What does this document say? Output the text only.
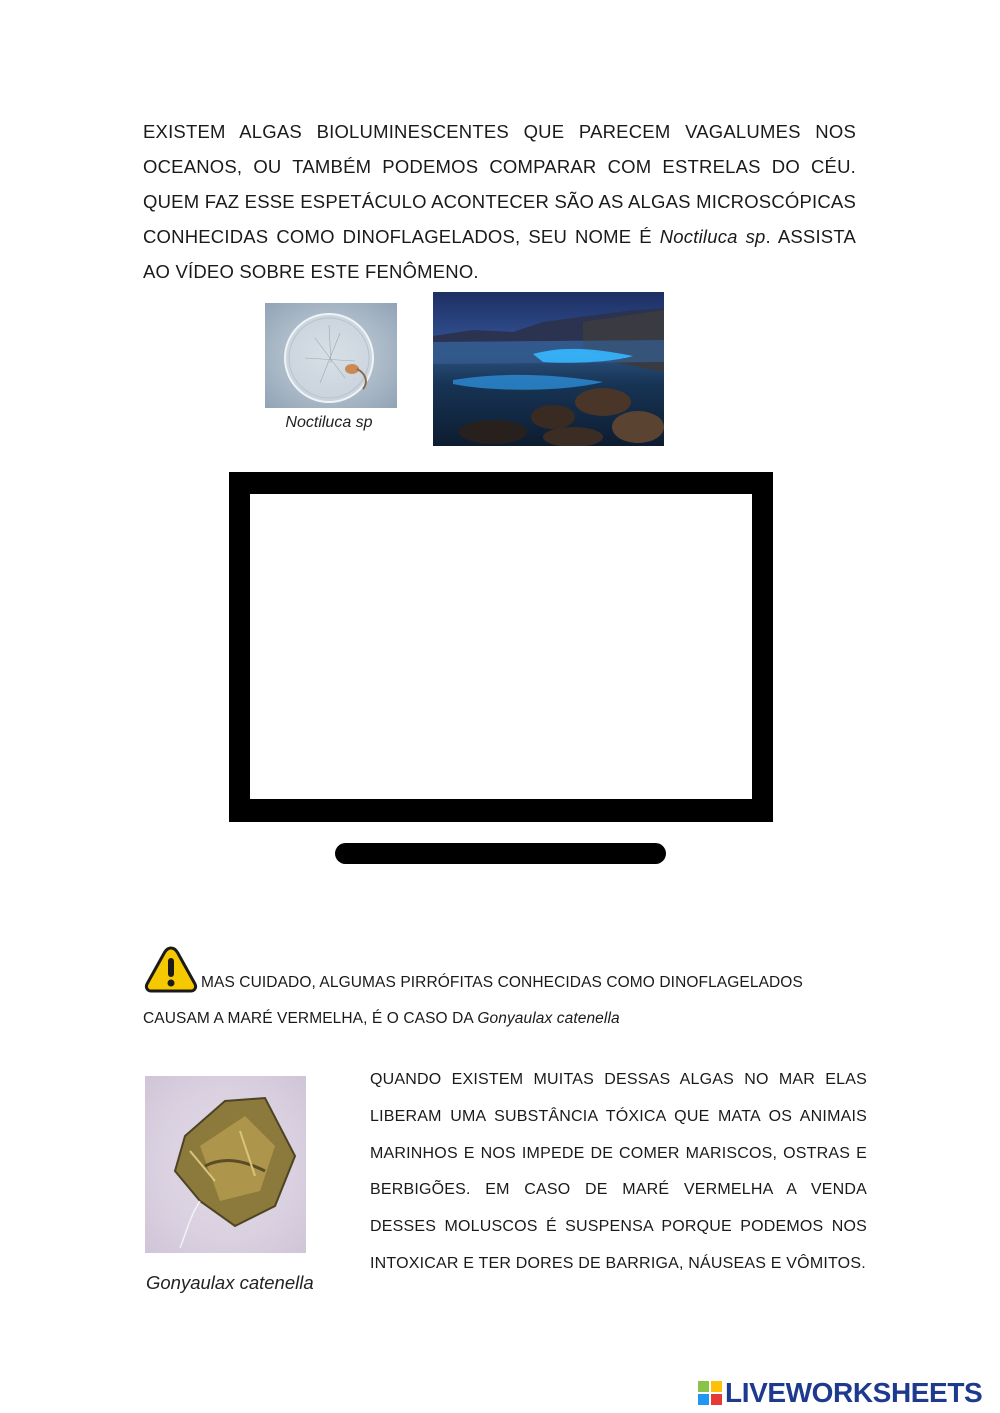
EXISTEM ALGAS BIOLUMINESCENTES QUE PARECEM VAGALUMES NOS OCEANOS, OU TAMBÉM PODEMOS COMPARAR COM ESTRELAS DO CÉU. QUEM FAZ ESSE ESPETÁCULO ACONTECER SÃO AS ALGAS MICROSCÓPICAS CONHECIDAS COMO DINOFLAGELADOS, SEU NOME É Noctiluca sp. ASSISTA AO VÍDEO SOBRE ESTE FENÔMENO.
Noctiluca sp
MAS CUIDADO, ALGUMAS PIRRÓFITAS CONHECIDAS COMO DINOFLAGELADOS
CAUSAM A MARÉ VERMELHA, É O CASO DA Gonyaulax catenella
Gonyaulax catenella
QUANDO EXISTEM MUITAS DESSAS ALGAS NO MAR ELAS
LIBERAM UMA SUBSTÂNCIA TÓXICA QUE MATA OS ANIMAIS
MARINHOS E NOS IMPEDE DE COMER MARISCOS, OSTRAS E
BERBIGÕES. EM CASO DE MARÉ VERMELHA A VENDA
DESSES MOLUSCOS É SUSPENSA PORQUE PODEMOS NOS
INTOXICAR E TER DORES DE BARRIGA, NÁUSEAS E VÔMITOS.
LIVEWORKSHEETS
